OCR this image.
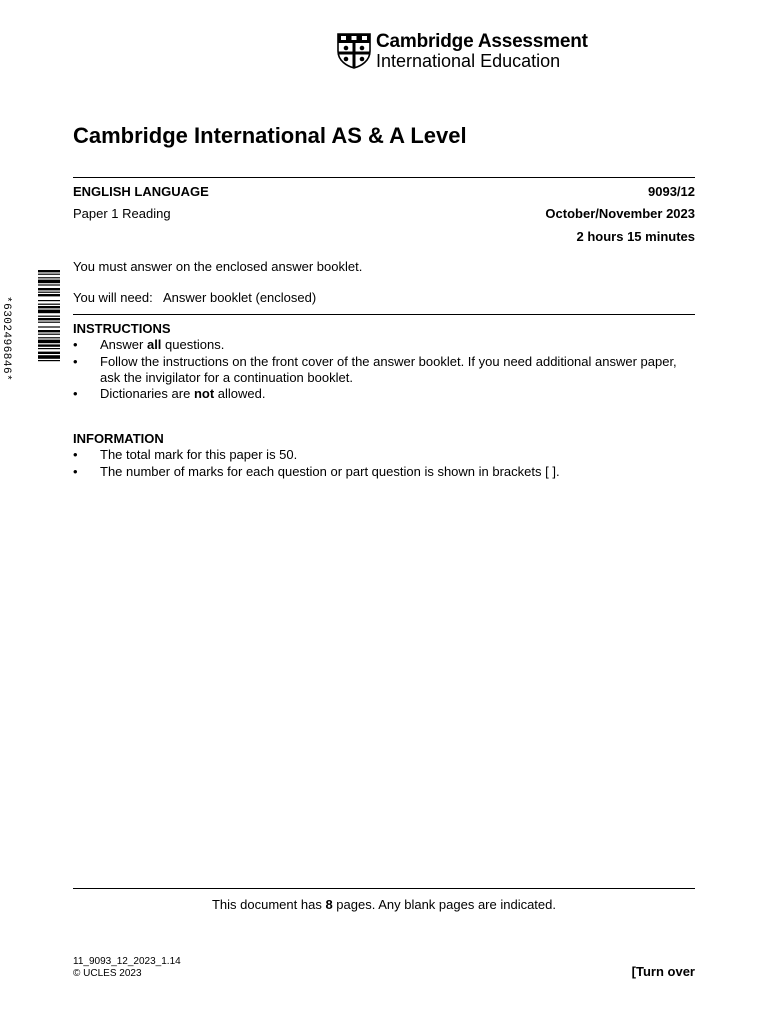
Cambridge Assessment
International Education
Cambridge International AS & A Level
ENGLISH LANGUAGE	9093/12
Paper 1 Reading	October/November 2023
2 hours 15 minutes
You must answer on the enclosed answer booklet.
You will need: Answer booklet (enclosed)
*6302496846*	INSTRUCTIONS
• Answer all questions.
• Follow the instructions on the front cover of the answer booklet. If you need additional answer paper,
ask the invigilator for a continuation booklet.
• Dictionaries are not allowed.
INFORMATION
• The total mark for this paper is 50.
• The number of marks for each question or part question is shown in brackets [ ].
This document has 8 pages. Any blank pages are indicated.
11_9093_12_2023_1.14
© UCLES 2023	[Turn over
